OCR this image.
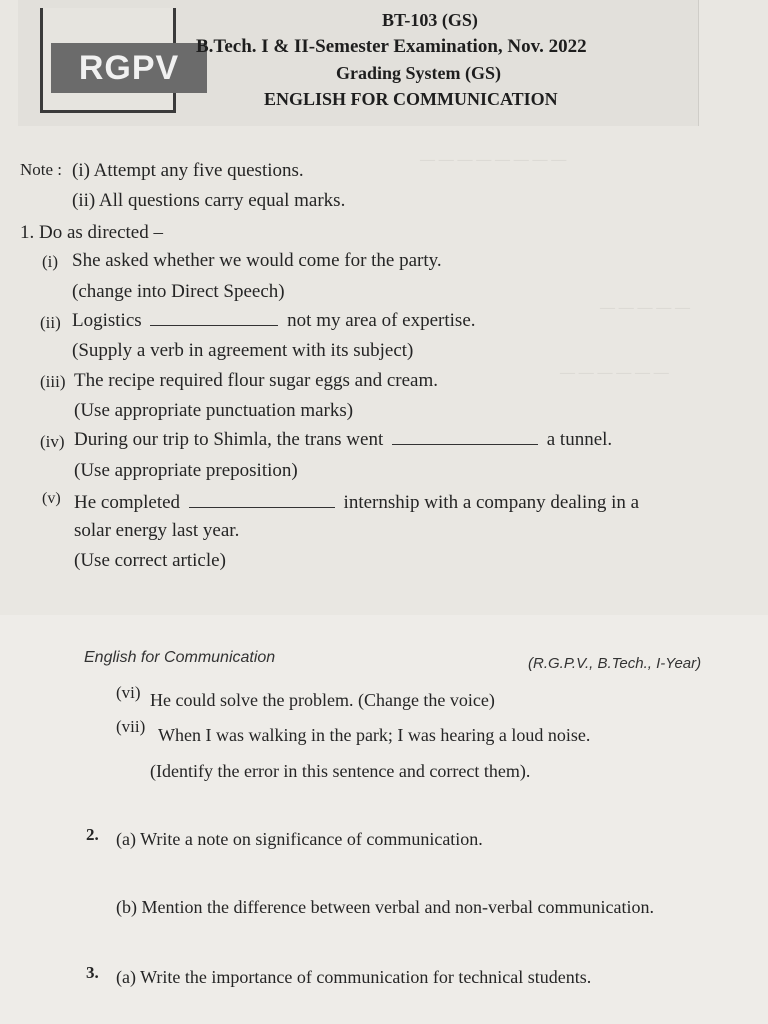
— — — — — — — —
— — — — —
— — — — — —
RGPV
BT-103 (GS)
B.Tech. I & II-Semester Examination, Nov. 2022
Grading System (GS)
ENGLISH FOR COMMUNICATION
Note : (i) Attempt any five questions.
(ii) All questions carry equal marks.
1. Do as directed –
(i) She asked whether we would come for the party.
(change into Direct Speech)
(ii) Logistics	not my area of expertise.
(Supply a verb in agreement with its subject)
(iii) The recipe required flour sugar eggs and cream.
(Use appropriate punctuation marks)
(iv) During our trip to Shimla, the trans went	a tunnel.
(Use appropriate preposition)
(v) He completed	internship with a company dealing in a
solar energy last year.
(Use correct article)
English for Communication	(R.G.P.V., B.Tech., I-Year)
(vi) He could solve the problem. (Change the voice)
(vii) When I was walking in the park; I was hearing a loud noise.
(Identify the error in this sentence and correct them).
2. (a) Write a note on significance of communication.
(b) Mention the difference between verbal and non-verbal communication.
3. (a) Write the importance of communication for technical students.
